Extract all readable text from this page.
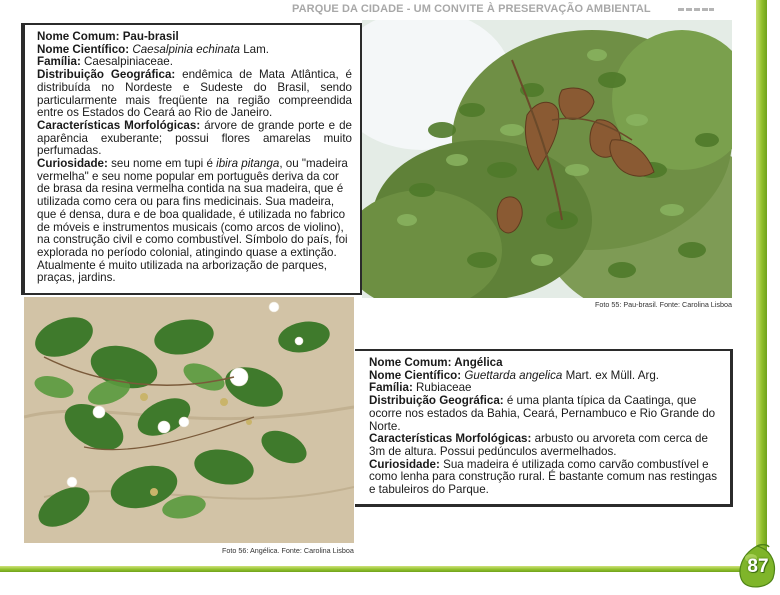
PARQUE DA CIDADE - UM CONVITE À PRESERVAÇÃO AMBIENTAL

Nome Comum: Pau-brasil

Nome Científico: Caesalpinia echinata Lam.

Família: Caesalpiniaceae.

Distribuição Geográfica: endêmica de Mata Atlântica, é distribuída no Nordeste e Sudeste do Brasil, sendo particularmente mais freqüente na região compreendida entre os Estados do Ceará ao Rio de Janeiro.

Características Morfológicas: árvore de grande porte e de aparência exuberante; possui flores amarelas muito perfumadas.

Curiosidade: seu nome em tupi é ibira pitanga, ou "madeira vermelha" e seu nome popular em português deriva da cor de brasa da resina vermelha contida na sua madeira, que é utilizada como cera ou para fins medicinais. Sua madeira, que é densa, dura e de boa qualidade, é utilizada no fabrico de móveis e instrumentos musicais (como arcos de violino), na construção civil e como combustível. Símbolo do país, foi explorada no período colonial, atingindo quase a extinção. Atualmente é muito utilizada na arborização de parques, praças, jardins.

Foto 55: Pau-brasil. Fonte: Carolina Lisboa
Foto 56: Angélica. Fonte: Carolina Lisboa

Nome Comum: Angélica

Nome Científico: Guettarda angelica Mart. ex Müll. Arg.

Família: Rubiaceae

Distribuição Geográfica: é uma planta típica da Caatinga, que ocorre nos estados da Bahia, Ceará, Pernambuco e Rio Grande do Norte.

Características Morfológicas: arbusto ou arvoreta com cerca de 3m de altura. Possui pedúnculos avermelhados.

Curiosidade: Sua madeira é utilizada como carvão combustível e como lenha para construção rural. É bastante comum nas restingas e tabuleiros do Parque.

87
